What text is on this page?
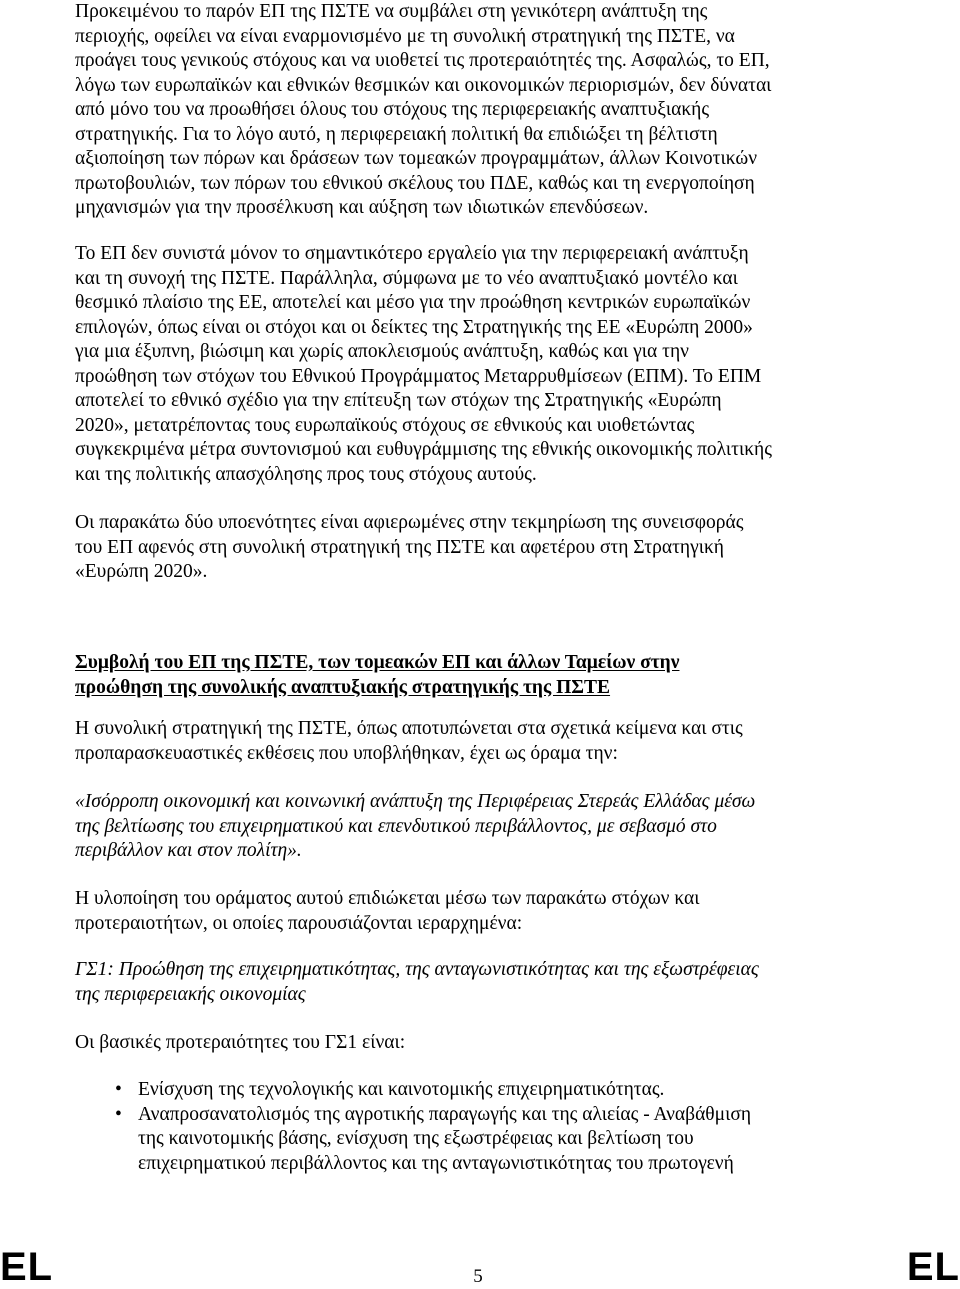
Προκειμένου το παρόν ΕΠ της ΠΣΤΕ να συμβάλει στη γενικότερη ανάπτυξη της
περιοχής, οφείλει να είναι εναρμονισμένο με τη συνολική στρατηγική της ΠΣΤΕ, να
προάγει τους γενικούς στόχους και να υιοθετεί τις προτεραιότητές της. Ασφαλώς, το ΕΠ,
λόγω των ευρωπαϊκών και εθνικών θεσμικών και οικονομικών περιορισμών, δεν δύναται
από μόνο του να προωθήσει όλους του στόχους της περιφερειακής αναπτυξιακής
στρατηγικής. Για το λόγο αυτό, η περιφερειακή πολιτική θα επιδιώξει τη βέλτιστη
αξιοποίηση των πόρων και δράσεων των τομεακών προγραμμάτων, άλλων Κοινοτικών
πρωτοβουλιών, των πόρων του εθνικού σκέλους του ΠΔΕ, καθώς και τη ενεργοποίηση
μηχανισμών για την προσέλκυση και αύξηση των ιδιωτικών επενδύσεων.
Το ΕΠ δεν συνιστά μόνον το σημαντικότερο εργαλείο για την περιφερειακή ανάπτυξη
και τη συνοχή της ΠΣΤΕ. Παράλληλα, σύμφωνα με το νέο αναπτυξιακό μοντέλο και
θεσμικό πλαίσιο της ΕΕ, αποτελεί και μέσο για την προώθηση κεντρικών ευρωπαϊκών
επιλογών, όπως είναι οι στόχοι και οι δείκτες της Στρατηγικής της ΕΕ «Ευρώπη 2000»
για μια έξυπνη, βιώσιμη και χωρίς αποκλεισμούς ανάπτυξη, καθώς και για την
προώθηση των στόχων του Εθνικού Προγράμματος Μεταρρυθμίσεων (ΕΠΜ). Το ΕΠΜ
αποτελεί το εθνικό σχέδιο για την επίτευξη των στόχων της Στρατηγικής «Ευρώπη
2020», μετατρέποντας τους ευρωπαϊκούς στόχους σε εθνικούς και υιοθετώντας
συγκεκριμένα μέτρα συντονισμού και ευθυγράμμισης της εθνικής οικονομικής πολιτικής
και της πολιτικής απασχόλησης προς τους στόχους αυτούς.
Οι παρακάτω δύο υποενότητες είναι αφιερωμένες στην τεκμηρίωση της συνεισφοράς
του ΕΠ αφενός στη συνολική στρατηγική της ΠΣΤΕ και αφετέρου στη Στρατηγική
«Ευρώπη 2020».
Συμβολή του ΕΠ της ΠΣΤΕ, των τομεακών ΕΠ και άλλων Ταμείων στην
προώθηση της συνολικής αναπτυξιακής στρατηγικής της ΠΣΤΕ
Η συνολική στρατηγική της ΠΣΤΕ, όπως αποτυπώνεται στα σχετικά κείμενα και στις
προπαρασκευαστικές εκθέσεις που υποβλήθηκαν, έχει ως όραμα την:
«Ισόρροπη οικονομική και κοινωνική ανάπτυξη της Περιφέρειας Στερεάς Ελλάδας μέσω
της βελτίωσης του επιχειρηματικού και επενδυτικού περιβάλλοντος, με σεβασμό στο
περιβάλλον και στον πολίτη».
Η υλοποίηση του οράματος αυτού επιδιώκεται μέσω των παρακάτω στόχων και
προτεραιοτήτων, οι οποίες παρουσιάζονται ιεραρχημένα:
ΓΣ1: Προώθηση της επιχειρηματικότητας, της ανταγωνιστικότητας και της εξωστρέφειας
της περιφερειακής οικονομίας
Οι βασικές προτεραιότητες του ΓΣ1 είναι:
• Ενίσχυση της τεχνολογικής και καινοτομικής επιχειρηματικότητας.
• Αναπροσανατολισμός της αγροτικής παραγωγής και της αλιείας - Αναβάθμιση
της καινοτομικής βάσης, ενίσχυση της εξωστρέφειας και βελτίωση του
επιχειρηματικού περιβάλλοντος και της ανταγωνιστικότητας του πρωτογενή
EL	5	EL
